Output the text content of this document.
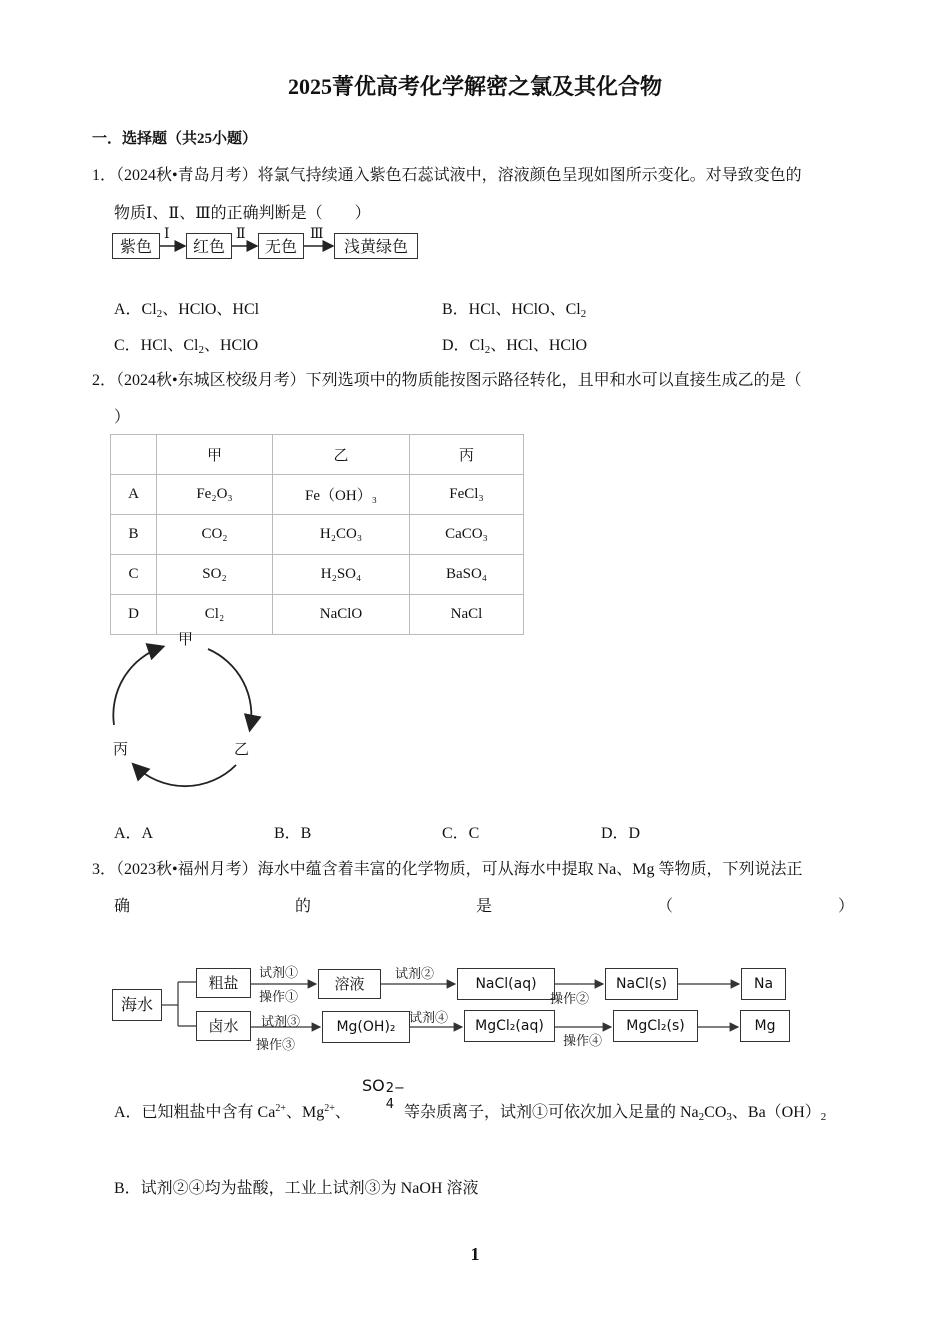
2025菁优高考化学解密之氯及其化合物
一．选择题（共25小题）
1．（2024秋•青岛月考）将氯气持续通入紫色石蕊试液中，溶液颜色呈现如图所示变化。对导致变色的
物质Ⅰ、Ⅱ、Ⅲ的正确判断是（　　）
紫色	红色	无色	浅黄绿色
Ⅰ	Ⅱ	Ⅲ
A．$Cl_2$、HClO、HCl	B．HCl、HClO、$Cl_2$
C．HCl、$Cl_2$、HClO	D．$Cl_2$、HCl、HClO
2．（2024秋•东城区校级月考）下列选项中的物质能按图示路径转化，且甲和水可以直接生成乙的是（
）
	甲	乙	丙
A	Fe₂O₃	Fe（OH）₃	FeCl₃
B	CO₂	H₂CO₃	CaCO₃
C	SO₂	H₂SO₄	BaSO₄
D	Cl₂	NaClO	NaCl
甲
乙
丙
A．A	B．B	C．C	D．D
3．（2023秋•福州月考）海水中蕴含着丰富的化学物质，可从海水中提取 Na、Mg 等物质，下列说法正
确	的	是	（	）
海水
粗盐	溶液	NaCl(aq)	NaCl(s)	Na
卤水	Mg(OH)₂	MgCl₂(aq)	MgCl₂(s)	Mg
试剂①
操作①
试剂②
操作②
试剂③
操作③
试剂④
操作④
A．已知粗盐中含有 $Ca^{2+}$、$Mg^{2+}$、
SO 2−
4 等杂质离子，试剂①可依次加入足量的 $Na_2CO_3$、$Ba(OH)_2$
B．试剂②④均为盐酸，工业上试剂③为 NaOH 溶液
1
